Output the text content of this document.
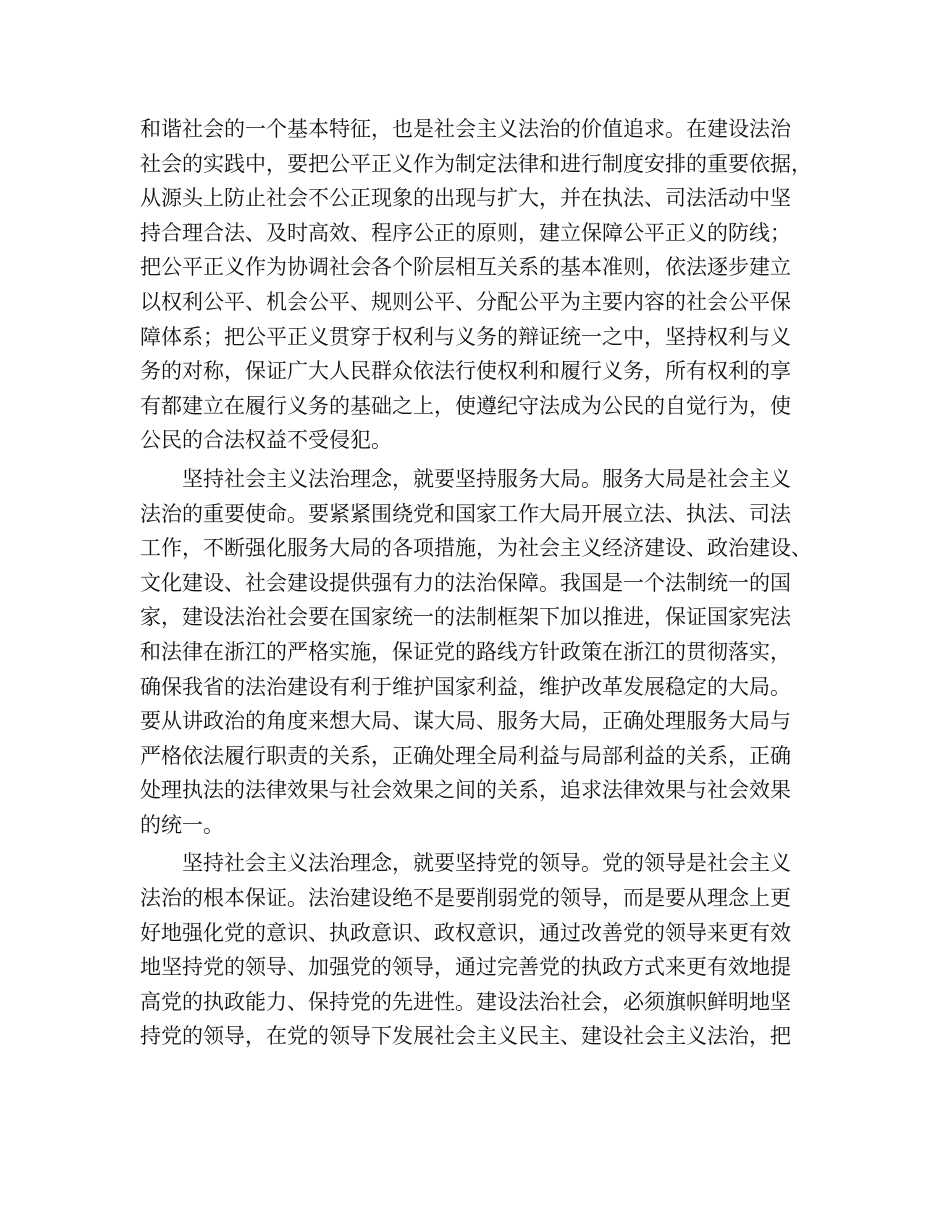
和谐社会的一个基本特征，也是社会主义法治的价值追求。在建设法治
社会的实践中，要把公平正义作为制定法律和进行制度安排的重要依据，
从源头上防止社会不公正现象的出现与扩大，并在执法、司法活动中坚
持合理合法、及时高效、程序公正的原则，建立保障公平正义的防线；
把公平正义作为协调社会各个阶层相互关系的基本准则，依法逐步建立
以权利公平、机会公平、规则公平、分配公平为主要内容的社会公平保
障体系；把公平正义贯穿于权利与义务的辩证统一之中，坚持权利与义
务的对称，保证广大人民群众依法行使权利和履行义务，所有权利的享
有都建立在履行义务的基础之上，使遵纪守法成为公民的自觉行为，使
公民的合法权益不受侵犯。
　　坚持社会主义法治理念，就要坚持服务大局。服务大局是社会主义
法治的重要使命。要紧紧围绕党和国家工作大局开展立法、执法、司法
工作，不断强化服务大局的各项措施，为社会主义经济建设、政治建设、
文化建设、社会建设提供强有力的法治保障。我国是一个法制统一的国
家，建设法治社会要在国家统一的法制框架下加以推进，保证国家宪法
和法律在浙江的严格实施，保证党的路线方针政策在浙江的贯彻落实，
确保我省的法治建设有利于维护国家利益，维护改革发展稳定的大局。
要从讲政治的角度来想大局、谋大局、服务大局，正确处理服务大局与
严格依法履行职责的关系，正确处理全局利益与局部利益的关系，正确
处理执法的法律效果与社会效果之间的关系，追求法律效果与社会效果
的统一。
　　坚持社会主义法治理念，就要坚持党的领导。党的领导是社会主义
法治的根本保证。法治建设绝不是要削弱党的领导，而是要从理念上更
好地强化党的意识、执政意识、政权意识，通过改善党的领导来更有效
地坚持党的领导、加强党的领导，通过完善党的执政方式来更有效地提
高党的执政能力、保持党的先进性。建设法治社会，必须旗帜鲜明地坚
持党的领导，在党的领导下发展社会主义民主、建设社会主义法治，把
